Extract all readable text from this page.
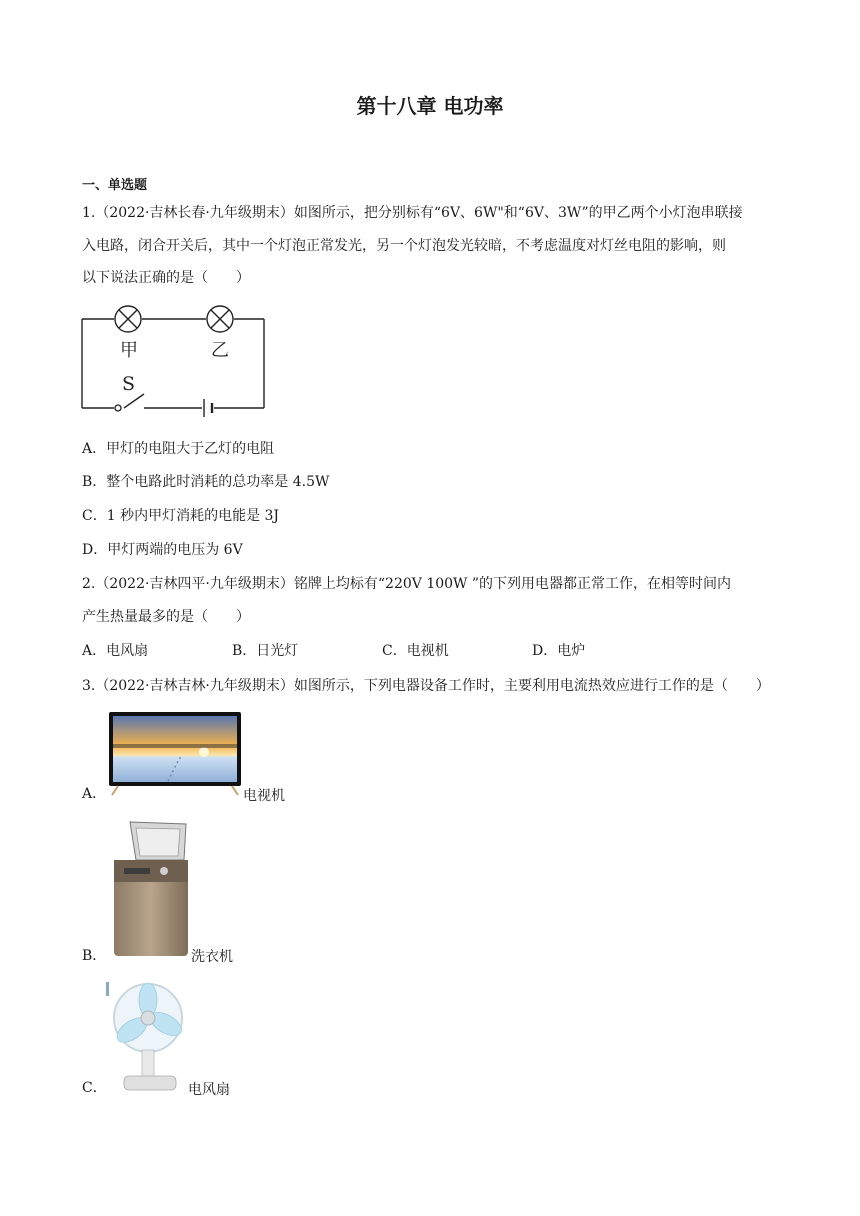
第十八章 电功率
一、单选题
1.（2022·吉林长春·九年级期末）如图所示，把分别标有“6V、6W"和“6V、3W”的甲乙两个小灯泡串联接
入电路，闭合开关后，其中一个灯泡正常发光，另一个灯泡发光较暗，不考虑温度对灯丝电阻的影响，则
以下说法正确的是（　　）
甲	乙
S
A．甲灯的电阻大于乙灯的电阻
B．整个电路此时消耗的总功率是 4.5W
C．1 秒内甲灯消耗的电能是 3J
D．甲灯两端的电压为 6V
2.（2022·吉林四平·九年级期末）铭牌上均标有“220V 100W ”的下列用电器都正常工作，在相等时间内
产生热量最多的是（　　）
A．电风扇	B．日光灯	C．电视机	D．电炉
3.（2022·吉林吉林·九年级期末）如图所示，下列电器设备工作时，主要利用电流热效应进行工作的是（　　）
A．	电视机
B．	洗衣机
C．	电风扇
